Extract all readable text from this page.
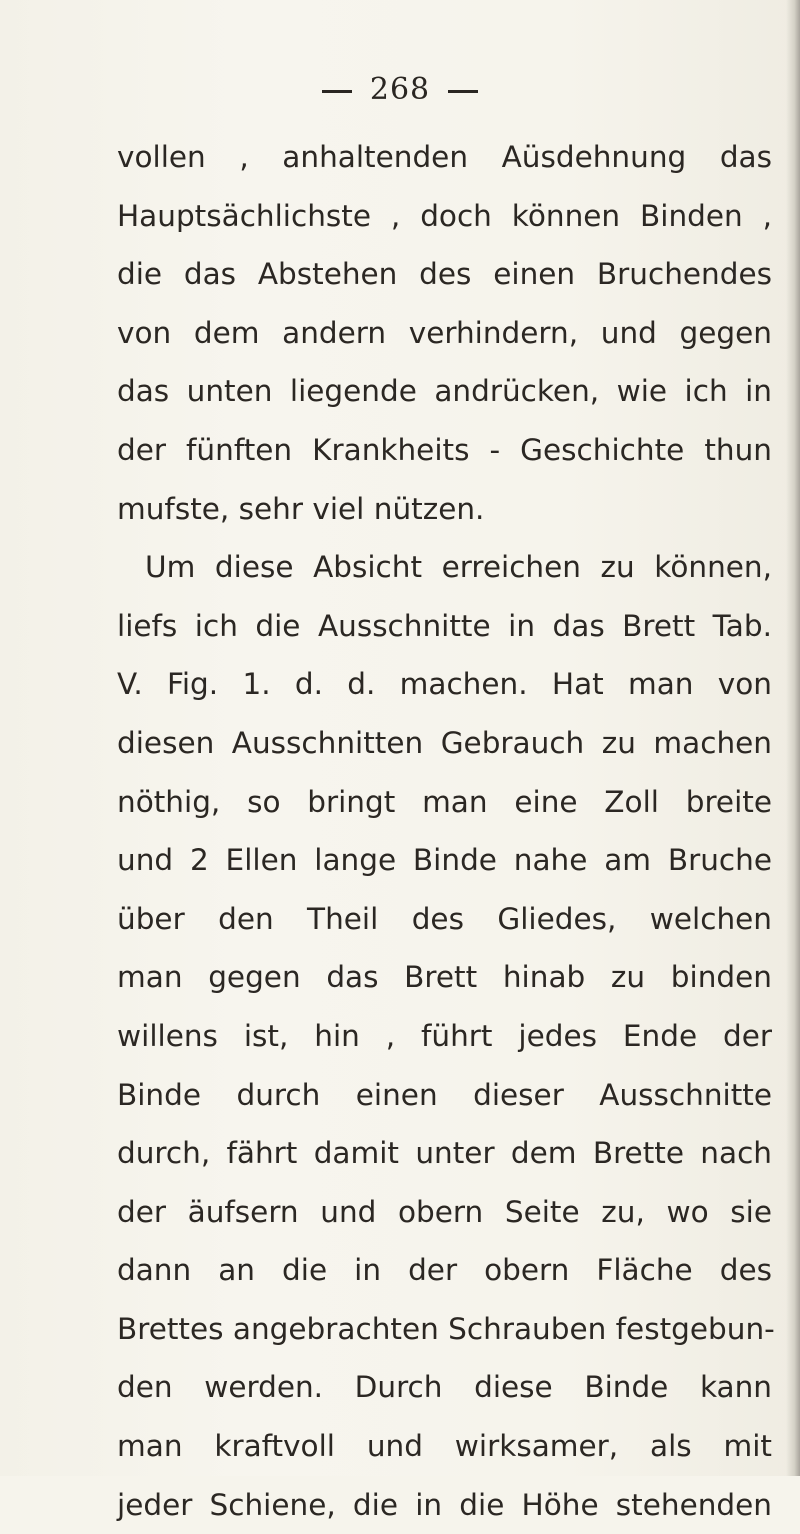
268
vollen , anhaltenden Aüsdehnung das
Hauptsächlichste , doch können Binden ,
die das Abstehen des einen Bruchendes
von dem andern verhindern, und gegen
das unten liegende andrücken, wie ich in
der fünften Krankheits - Geschichte thun
mufste, sehr viel nützen.
Um diese Absicht erreichen zu können,
liefs ich die Ausschnitte in das Brett Tab.
V. Fig. 1. d. d. machen. Hat man von
diesen Ausschnitten Gebrauch zu machen
nöthig, so bringt man eine Zoll breite
und 2 Ellen lange Binde nahe am Bruche
über den Theil des Gliedes, welchen
man gegen das Brett hinab zu binden
willens ist, hin , führt jedes Ende der
Binde durch einen dieser Ausschnitte
durch, fährt damit unter dem Brette nach
der äufsern und obern Seite zu, wo sie
dann an die in der obern Fläche des
Brettes angebrachten Schrauben festgebun-
den werden. Durch diese Binde kann
man kraftvoll und wirksamer, als mit
jeder Schiene, die in die Höhe stehenden
